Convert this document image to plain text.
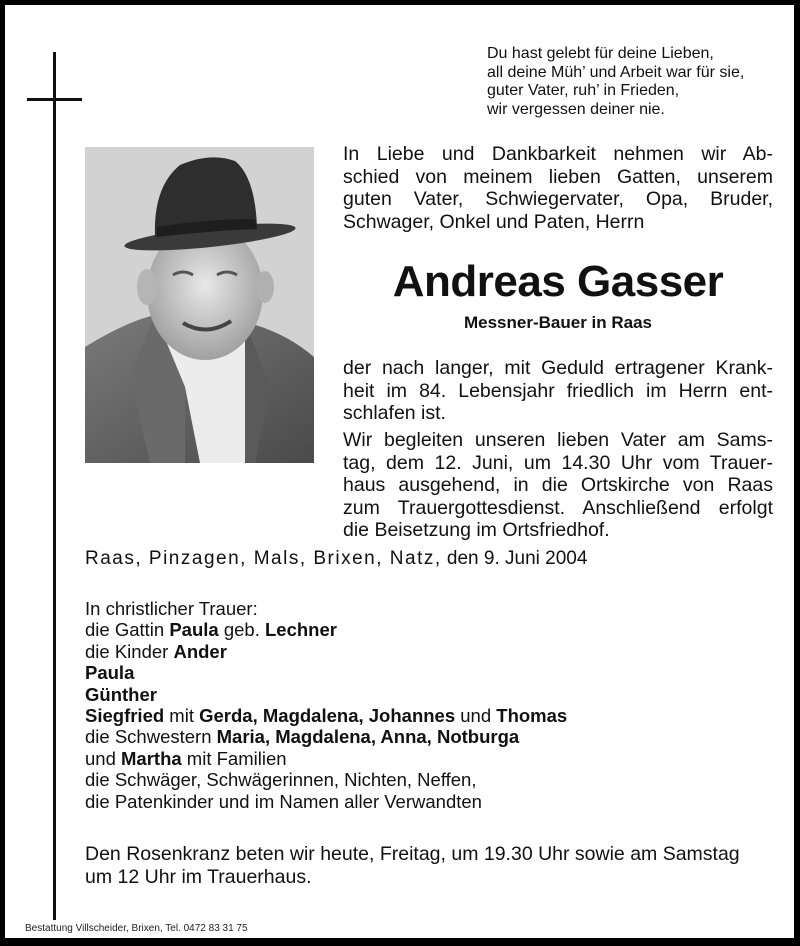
Du hast gelebt für deine Lieben,
all deine Müh’ und Arbeit war für sie,
guter Vater, ruh’ in Frieden,
wir vergessen deiner nie.
In Liebe und Dankbarkeit nehmen wir Ab-
schied von meinem lieben Gatten, unserem
guten Vater, Schwiegervater, Opa, Bruder,
Schwager, Onkel und Paten, Herrn
Andreas Gasser
Messner-Bauer in Raas
der nach langer, mit Geduld ertragener Krank-
heit im 84. Lebensjahr friedlich im Herrn ent-
schlafen ist.
Wir begleiten unseren lieben Vater am Sams-
tag, dem 12. Juni, um 14.30 Uhr vom Trauer-
haus ausgehend, in die Ortskirche von Raas
zum Trauergottesdienst. Anschließend erfolgt
die Beisetzung im Ortsfriedhof.
Raas, Pinzagen, Mals, Brixen, Natz, den 9. Juni 2004
In christlicher Trauer:
die Gattin Paula geb. Lechner
die Kinder Ander
Paula
Günther
Siegfried mit Gerda, Magdalena, Johannes und Thomas
die Schwestern Maria, Magdalena, Anna, Notburga
und Martha mit Familien
die Schwäger, Schwägerinnen, Nichten, Neffen,
die Patenkinder und im Namen aller Verwandten
Den Rosenkranz beten wir heute, Freitag, um 19.30 Uhr sowie am Samstag
um 12 Uhr im Trauerhaus.
Bestattung Villscheider, Brixen, Tel. 0472 83 31 75
